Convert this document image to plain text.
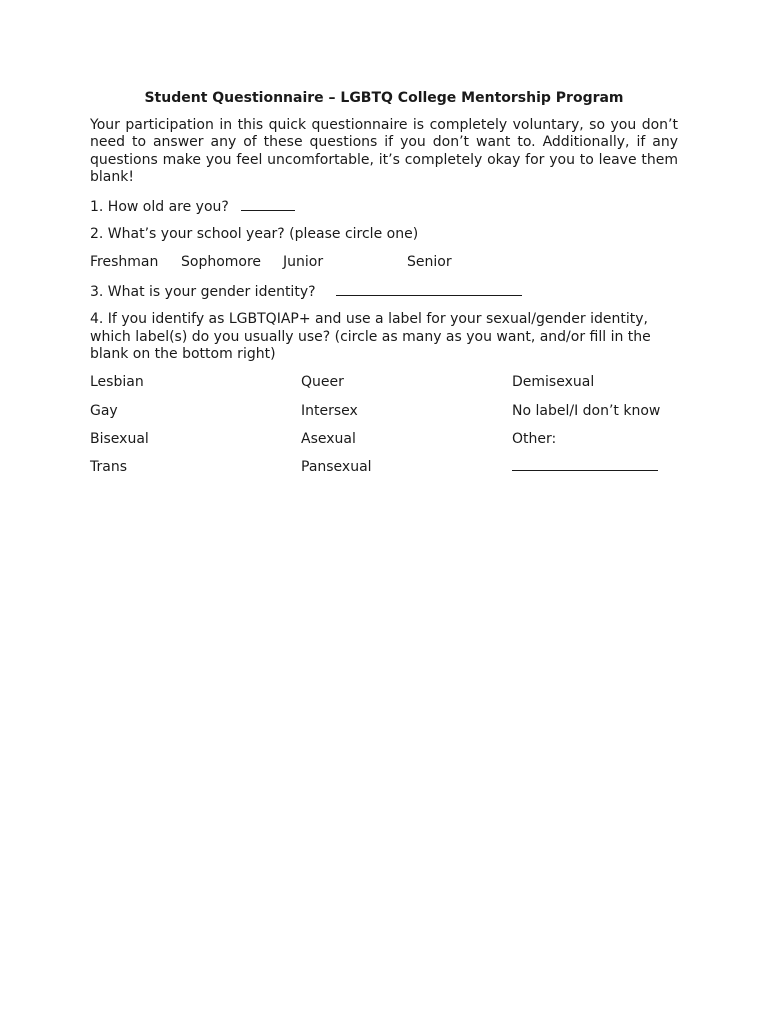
Student Questionnaire – LGBTQ College Mentorship Program
Your participation in this quick questionnaire is completely voluntary, so you don’t need to answer any of these questions if you don’t want to. Additionally, if any questions make you feel uncomfortable, it’s completely okay for you to leave them blank!
1. How old are you?
2. What’s your school year? (please circle one)
Freshman Sophomore Junior	Senior
3. What is your gender identity?
4. If you identify as LGBTQIAP+ and use a label for your sexual/gender identity, which label(s) do you usually use? (circle as many as you want, and/or fill in the blank on the bottom right)
Lesbian
Gay
Bisexual
Trans
Queer
Intersex
Asexual
Pansexual
Demisexual
No label/I don’t know
Other:
